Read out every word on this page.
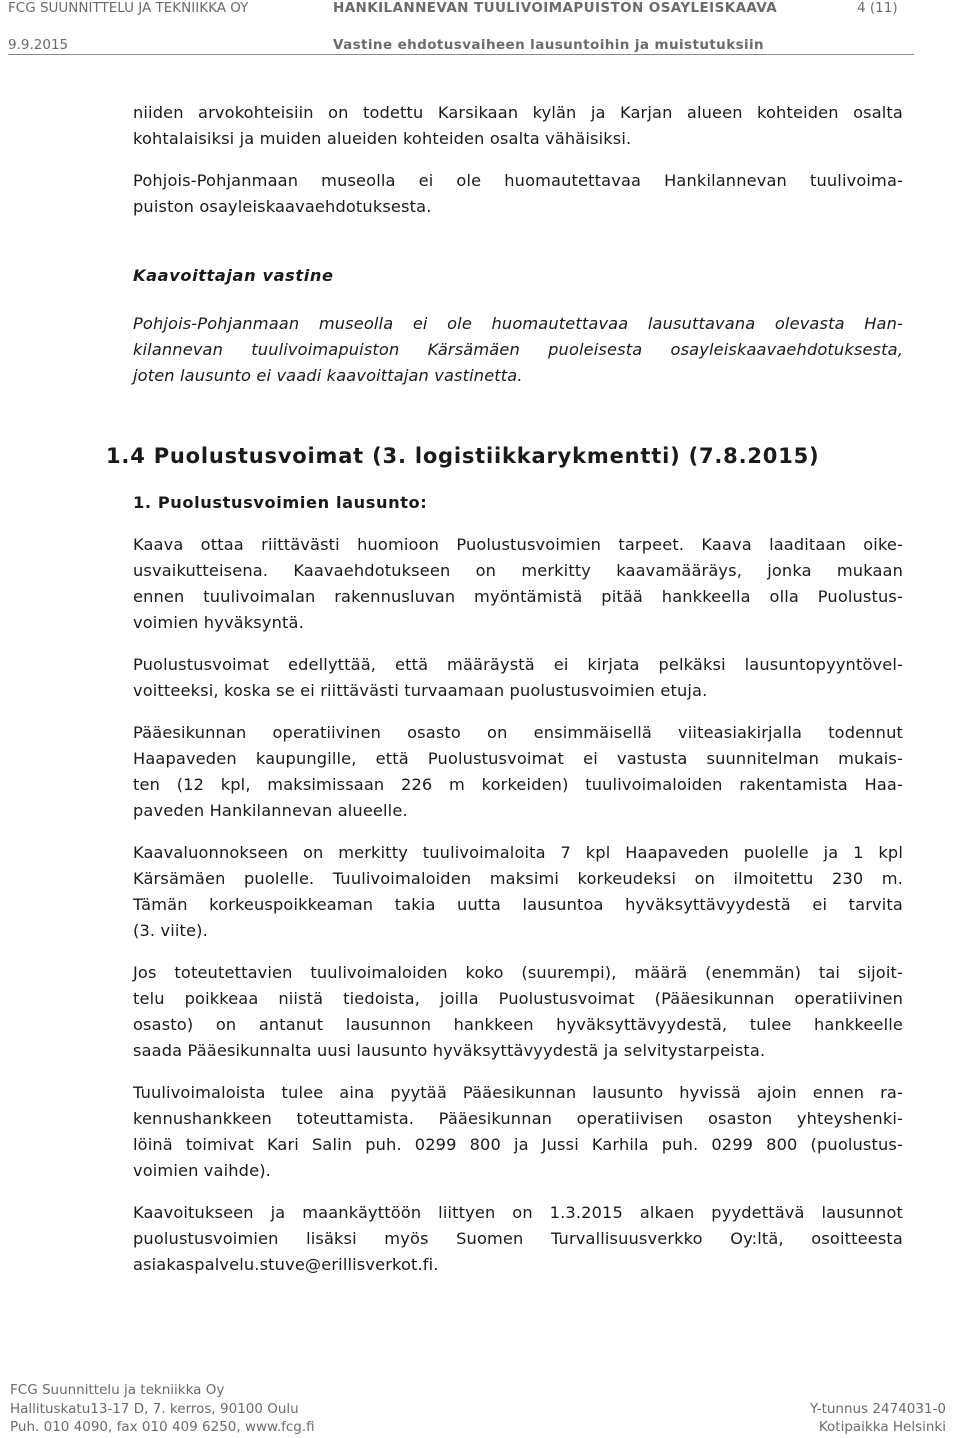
FCG SUUNNITTELU JA TEKNIIKKA OY	HANKILANNEVAN TUULIVOIMAPUISTON OSAYLEISKAAVA	4 (11)
9.9.2015	Vastine ehdotusvaiheen lausuntoihin ja muistutuksiin

niiden arvokohteisiin on todettu Karsikaan kylän ja Karjan alueen kohteiden osalta
kohtalaisiksi ja muiden alueiden kohteiden osalta vähäisiksi.

Pohjois-Pohjanmaan museolla ei ole huomautettavaa Hankilannevan tuulivoima-
puiston osayleiskaavaehdotuksesta.

Kaavoittajan vastine

Pohjois-Pohjanmaan museolla ei ole huomautettavaa lausuttavana olevasta Han-
kilannevan tuulivoimapuiston Kärsämäen puoleisesta osayleiskaavaehdotuksesta,
joten lausunto ei vaadi kaavoittajan vastinetta.

1.4 Puolustusvoimat (3. logistiikkarykmentti) (7.8.2015)

1. Puolustusvoimien lausunto:

Kaava ottaa riittävästi huomioon Puolustusvoimien tarpeet. Kaava laaditaan oike-
usvaikutteisena. Kaavaehdotukseen on merkitty kaavamääräys, jonka mukaan
ennen tuulivoimalan rakennusluvan myöntämistä pitää hankkeella olla Puolustus-
voimien hyväksyntä.

Puolustusvoimat edellyttää, että määräystä ei kirjata pelkäksi lausuntopyyntövel-
voitteeksi, koska se ei riittävästi turvaamaan puolustusvoimien etuja.

Pääesikunnan operatiivinen osasto on ensimmäisellä viiteasiakirjalla todennut
Haapaveden kaupungille, että Puolustusvoimat ei vastusta suunnitelman mukais-
ten (12 kpl, maksimissaan 226 m korkeiden) tuulivoimaloiden rakentamista Haa-
paveden Hankilannevan alueelle.

Kaavaluonnokseen on merkitty tuulivoimaloita 7 kpl Haapaveden puolelle ja 1 kpl
Kärsämäen puolelle. Tuulivoimaloiden maksimi korkeudeksi on ilmoitettu 230 m.
Tämän korkeuspoikkeaman takia uutta lausuntoa hyväksyttävyydestä ei tarvita
(3. viite).

Jos toteutettavien tuulivoimaloiden koko (suurempi), määrä (enemmän) tai sijoit-
telu poikkeaa niistä tiedoista, joilla Puolustusvoimat (Pääesikunnan operatiivinen
osasto) on antanut lausunnon hankkeen hyväksyttävyydestä, tulee hankkeelle
saada Pääesikunnalta uusi lausunto hyväksyttävyydestä ja selvitystarpeista.

Tuulivoimaloista tulee aina pyytää Pääesikunnan lausunto hyvissä ajoin ennen ra-
kennushankkeen toteuttamista. Pääesikunnan operatiivisen osaston yhteyshenki-
löinä toimivat Kari Salin puh. 0299 800 ja Jussi Karhila puh. 0299 800 (puolustus-
voimien vaihde).

Kaavoitukseen ja maankäyttöön liittyen on 1.3.2015 alkaen pyydettävä lausunnot
puolustusvoimien lisäksi myös Suomen Turvallisuusverkko Oy:ltä, osoitteesta
asiakaspalvelu.stuve@erillisverkot.fi.

FCG Suunnittelu ja tekniikka Oy
Hallituskatu13-17 D, 7. kerros, 90100 Oulu	Y-tunnus 2474031-0
Puh. 010 4090, fax 010 409 6250, www.fcg.fi	Kotipaikka Helsinki
